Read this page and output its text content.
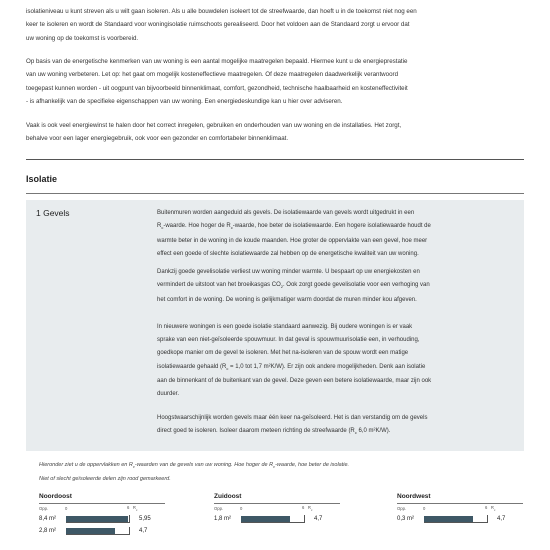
isolatieniveau u kunt streven als u wilt gaan isoleren. Als u alle bouwdelen isoleert tot de streefwaarde, dan hoeft u in de toekomst niet nog een
keer te isoleren en wordt de Standaard voor woningisolatie ruimschoots gerealiseerd. Door het voldoen aan de Standaard zorgt u ervoor dat
uw woning op de toekomst is voorbereid.
Op basis van de energetische kenmerken van uw woning is een aantal mogelijke maatregelen bepaald. Hiermee kunt u de energieprestatie
van uw woning verbeteren. Let op: het gaat om mogelijk kosteneffectieve maatregelen. Of deze maatregelen daadwerkelijk verantwoord
toegepast kunnen worden - uit oogpunt van bijvoorbeeld binnenklimaat, comfort, gezondheid, technische haalbaarheid en kosteneffectiviteit
- is afhankelijk van de specifieke eigenschappen van uw woning. Een energiedeskundige kan u hier over adviseren.
Vaak is ook veel energiewinst te halen door het correct inregelen, gebruiken en onderhouden van uw woning en de installaties. Het zorgt,
behalve voor een lager energiegebruik, ook voor een gezonder en comfortabeler binnenklimaat.
Isolatie
1 Gevels	Buitenmuren worden aangeduid als gevels. De isolatiewaarde van gevels wordt uitgedrukt in een
$R_c$-waarde. Hoe hoger de $R_c$-waarde, hoe beter de isolatiewaarde. Een hogere isolatiewaarde houdt de
warmte beter in de woning in de koude maanden. Hoe groter de oppervlakte van een gevel, hoe meer
effect een goede of slechte isolatiewaarde zal hebben op de energetische kwaliteit van uw woning.
Dankzij goede gevelisolatie verliest uw woning minder warmte. U bespaart op uw energiekosten en
vermindert de uitstoot van het broeikasgas $CO_2$. Ook zorgt goede gevelisolatie voor een verhoging van
het comfort in de woning. De woning is gelijkmatiger warm doordat de muren minder kou afgeven.
In nieuwere woningen is een goede isolatie standaard aanwezig. Bij oudere woningen is er vaak
sprake van een niet-geïsoleerde spouwmuur. In dat geval is spouwmuurisolatie een, in verhouding,
goedkope manier om de gevel te isoleren. Met het na-isoleren van de spouw wordt een matige
isolatiewaarde gehaald ($R_c = 1,0$ tot 1,7 m²K/W). Er zijn ook andere mogelijkheden. Denk aan isolatie
aan de binnenkant of de buitenkant van de gevel. Deze geven een betere isolatiewaarde, maar zijn ook
duurder.
Hoogstwaarschijnlijk worden gevels maar één keer na-geïsoleerd. Het is dan verstandig om de gevels
direct goed te isoleren. Isoleer daarom meteen richting de streefwaarde ($R_c$ 6,0 m²K/W).
Hieronder ziet u de oppervlakken en $R_c$-waarden van de gevels van uw woning. Hoe hoger de $R_c$-waarde, hoe beter de isolatie.
Niet of slecht geïsoleerde delen zijn rood gemarkeerd.
Noordoost
Opp.	0	6   $R_c$
8,4 m²	5,95
2,8 m²	4,7
Zuidoost
Opp.	0	6   $R_c$
1,8 m²	4,7
Noordwest
Opp.	0	6   $R_c$
0,3 m²	4,7
